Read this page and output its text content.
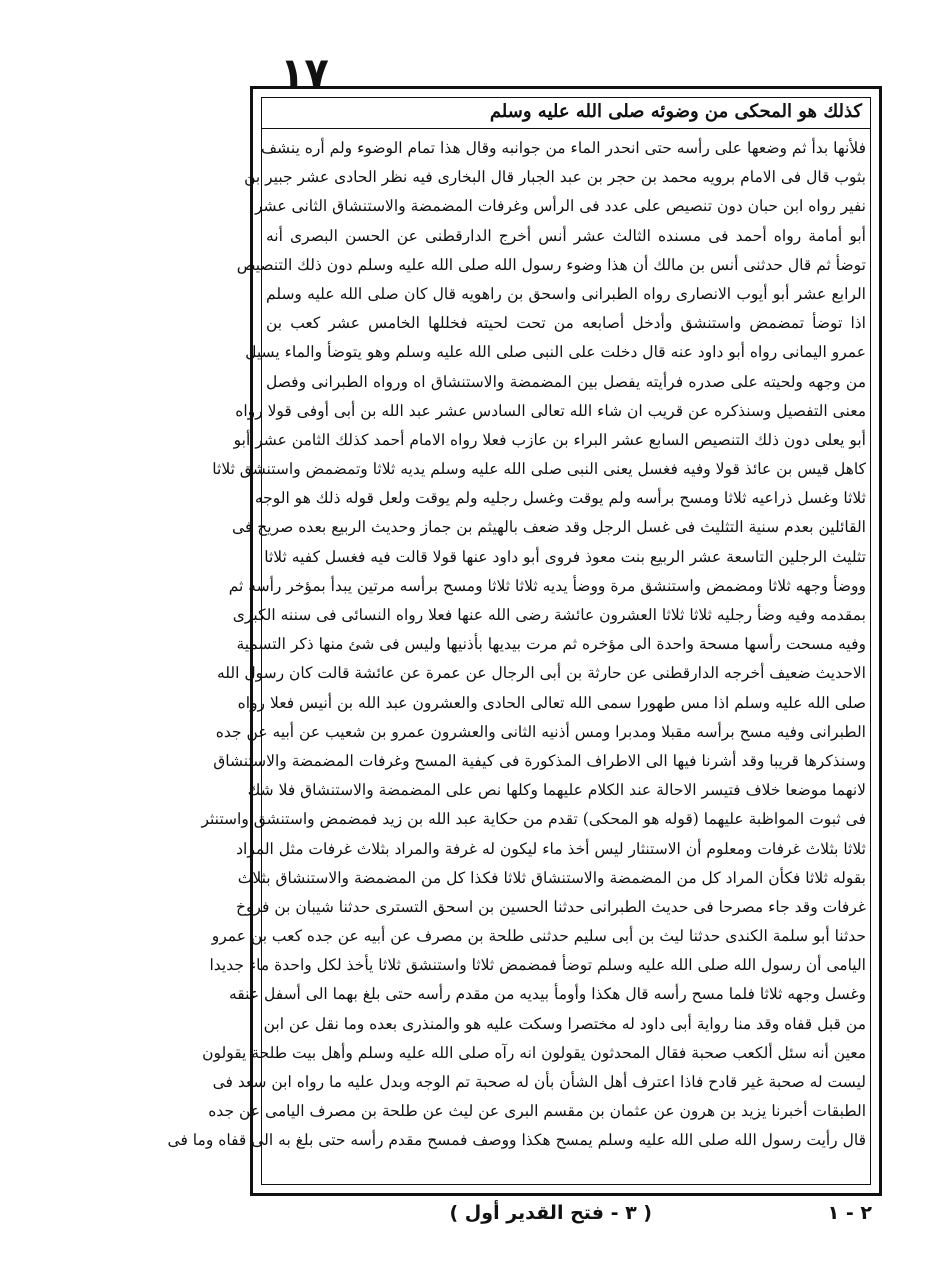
١٧
كذلك هو المحكى من وضوئه صلى الله عليه وسلم
فلأنها بدأ ثم وضعها على رأسه حتى انحدر الماء من جوانبه وقال هذا تمام الوضوء ولم أره ينشف
بثوب قال فى الامام برويه محمد بن حجر بن عبد الجبار قال البخارى فيه نظر الحادى عشر جبير بن
نفير رواه ابن حبان دون تنصيص على عدد فى الرأس وغرفات المضمضة والاستنشاق الثانى عشر
أبو أمامة رواه أحمد فى مسنده الثالث عشر أنس أخرج الدارقطنى عن الحسن البصرى أنه
توضأ ثم قال حدثنى أنس بن مالك أن هذا وضوء رسول الله صلى الله عليه وسلم دون ذلك التنصيص
الرابع عشر أبو أيوب الانصارى رواه الطبرانى واسحق بن راهويه قال كان صلى الله عليه وسلم
اذا توضأ تمضمض واستنشق وأدخل أصابعه من تحت لحيته فخللها الخامس عشر كعب بن
عمرو اليمانى رواه أبو داود عنه قال دخلت على النبى صلى الله عليه وسلم وهو يتوضأ والماء يسيل
من وجهه ولحيته على صدره فرأيته يفصل بين المضمضة والاستنشاق اه ورواه الطبرانى وفصل
معنى التفصيل وسنذكره عن قريب ان شاء الله تعالى السادس عشر عبد الله بن أبى أوفى قولا رواه
أبو يعلى دون ذلك التنصيص السابع عشر البراء بن عازب فعلا رواه الامام أحمد كذلك الثامن عشر أبو
كاهل قيس بن عائذ قولا وفيه فغسل يعنى النبى صلى الله عليه وسلم يديه ثلاثا وتمضمض واستنشق ثلاثا
ثلاثا وغسل ذراعيه ثلاثا ومسح برأسه ولم يوقت وغسل رجليه ولم يوقت ولعل قوله ذلك هو الوجه
القائلين بعدم سنية التثليث فى غسل الرجل وقد ضعف بالهيثم بن جماز وحديث الربيع بعده صريح فى
تثليث الرجلين التاسعة عشر الربيع بنت معوذ فروى أبو داود عنها قولا قالت فيه فغسل كفيه ثلاثا
ووضأ وجهه ثلاثا ومضمض واستنشق مرة ووضأ يديه ثلاثا ثلاثا ومسح برأسه مرتين يبدأ بمؤخر رأسه ثم
بمقدمه وفيه وضأ رجليه ثلاثا ثلاثا العشرون عائشة رضى الله عنها فعلا رواه النسائى فى سننه الكبرى
وفيه مسحت رأسها مسحة واحدة الى مؤخره ثم مرت بيديها بأذنيها وليس فى شئ منها ذكر التسمية
الاحديث ضعيف أخرجه الدارقطنى عن حارثة بن أبى الرجال عن عمرة عن عائشة قالت كان رسول الله
صلى الله عليه وسلم اذا مس طهورا سمى الله تعالى الحادى والعشرون عبد الله بن أنيس فعلا رواه
الطبرانى وفيه مسح برأسه مقبلا ومدبرا ومس أذنيه الثانى والعشرون عمرو بن شعيب عن أبيه عن جده
وسنذكرها قريبا وقد أشرنا فيها الى الاطراف المذكورة فى كيفية المسح وغرفات المضمضة والاستنشاق
لانهما موضعا خلاف فتيسر الاحالة عند الكلام عليهما وكلها نص على المضمضة والاستنشاق فلا شك
فى ثبوت المواظبة عليهما (قوله هو المحكى) تقدم من حكاية عبد الله بن زيد فمضمض واستنشق واستنثر
ثلاثا بثلاث غرفات ومعلوم أن الاستنثار ليس أخذ ماء ليكون له غرفة والمراد بثلاث غرفات مثل المراد
بقوله ثلاثا فكأن المراد كل من المضمضة والاستنشاق ثلاثا فكذا كل من المضمضة والاستنشاق بثلاث
غرفات وقد جاء مصرحا فى حديث الطبرانى حدثنا الحسين بن اسحق التسترى حدثنا شيبان بن فروخ
حدثنا أبو سلمة الكندى حدثنا ليث بن أبى سليم حدثنى طلحة بن مصرف عن أبيه عن جده كعب بن عمرو
اليامى أن رسول الله صلى الله عليه وسلم توضأ فمضمض ثلاثا واستنشق ثلاثا يأخذ لكل واحدة ماء جديدا
وغسل وجهه ثلاثا فلما مسح رأسه قال هكذا وأومأ بيديه من مقدم رأسه حتى بلغ بهما الى أسفل عنقه
من قبل قفاه وقد منا رواية أبى داود له مختصرا وسكت عليه هو والمنذرى بعده وما نقل عن ابن
معين أنه سئل ألكعب صحبة فقال المحدثون يقولون انه رآه صلى الله عليه وسلم وأهل بيت طلحة يقولون
ليست له صحبة غير قادح فاذا اعترف أهل الشأن بأن له صحبة تم الوجه وبدل عليه ما رواه ابن سعد فى
الطبقات أخبرنا يزيد بن هرون عن عثمان بن مقسم البرى عن ليث عن طلحة بن مصرف اليامى عن جده
قال رأيت رسول الله صلى الله عليه وسلم يمسح هكذا ووصف فمسح مقدم رأسه حتى بلغ به الى قفاه وما فى
٢ - ١
( ٣ - فتح القدير أول )
